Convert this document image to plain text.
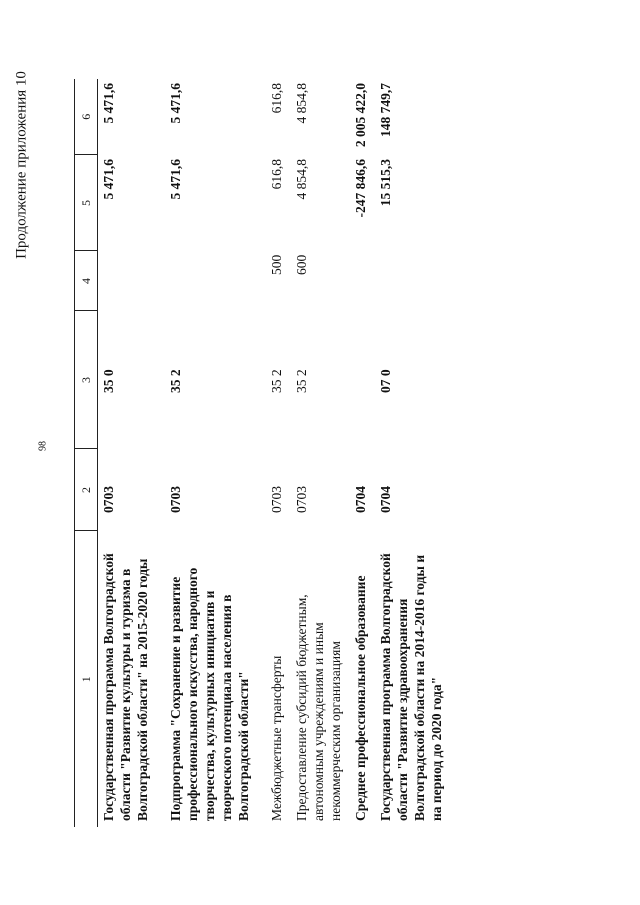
98
Продолжение приложения 10
1	2	3	4	5	6
Государственная программа Волгоградской области "Развитие культуры и туризма в Волгоградской области" на 2015-2020 годы	0703	35 0		5 471,6	5 471,6
Подпрограмма "Сохранение и развитие профессионального искусства, народного творчества, культурных инициатив и творческого потенциала населения в Волгоградской области"	0703	35 2		5 471,6	5 471,6
Межбюджетные трансферты	0703	35 2	500	616,8	616,8
Предоставление субсидий бюджетным, автономным учреждениям и иным некоммерческим организациям	0703	35 2	600	4 854,8	4 854,8
Среднее профессиональное образование	0704			-247 846,6	2 005 422,0
Государственная программа Волгоградской области "Развитие здравоохранения Волгоградской области на 2014-2016 годы и на период до 2020 года"	0704	07 0		15 515,3	148 749,7
